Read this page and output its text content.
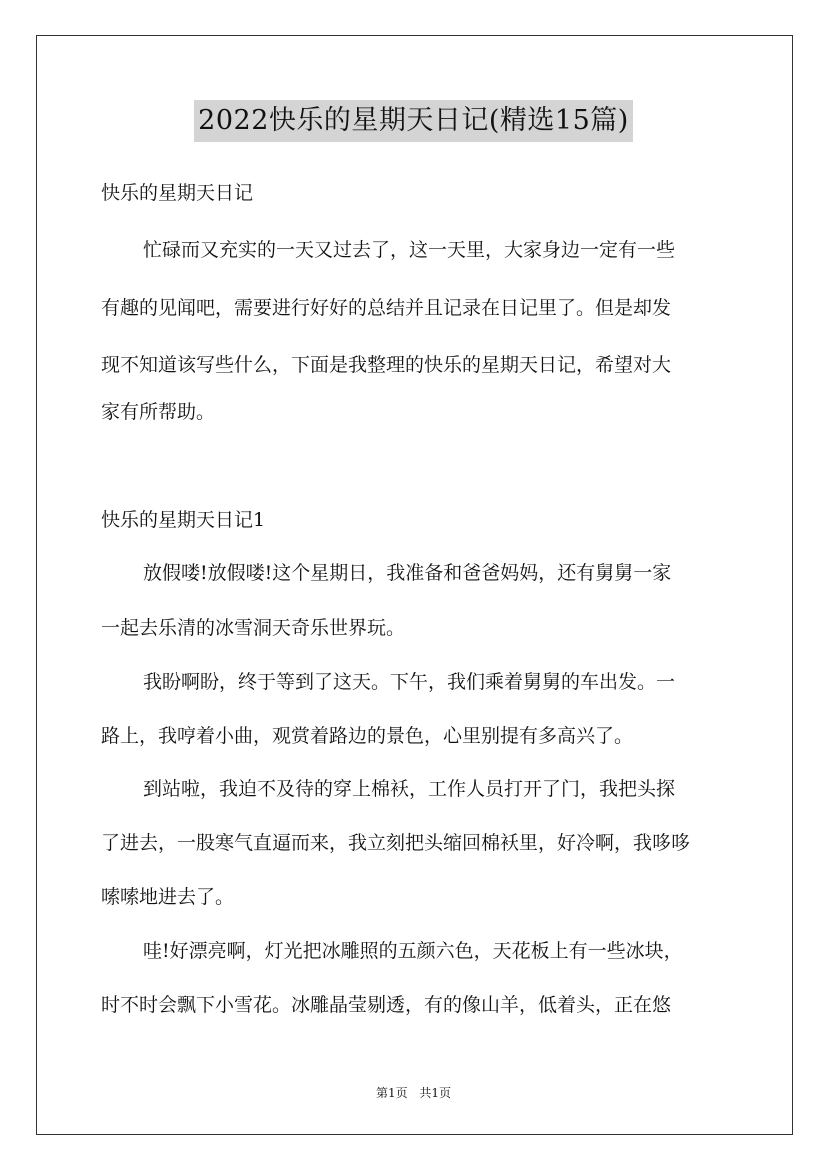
2022快乐的星期天日记(精选15篇)
快乐的星期天日记
忙碌而又充实的一天又过去了，这一天里，大家身边一定有一些
有趣的见闻吧，需要进行好好的总结并且记录在日记里了。但是却发
现不知道该写些什么，下面是我整理的快乐的星期天日记，希望对大
家有所帮助。
快乐的星期天日记1
放假喽!放假喽!这个星期日，我准备和爸爸妈妈，还有舅舅一家
一起去乐清的冰雪洞天奇乐世界玩。
我盼啊盼，终于等到了这天。下午，我们乘着舅舅的车出发。一
路上，我哼着小曲，观赏着路边的景色，心里别提有多高兴了。
到站啦，我迫不及待的穿上棉袄，工作人员打开了门，我把头探
了进去，一股寒气直逼而来，我立刻把头缩回棉袄里，好冷啊，我哆哆
嗦嗦地进去了。
哇!好漂亮啊，灯光把冰雕照的五颜六色，天花板上有一些冰块，
时不时会飘下小雪花。冰雕晶莹剔透，有的像山羊，低着头，正在悠
第1页 共1页
